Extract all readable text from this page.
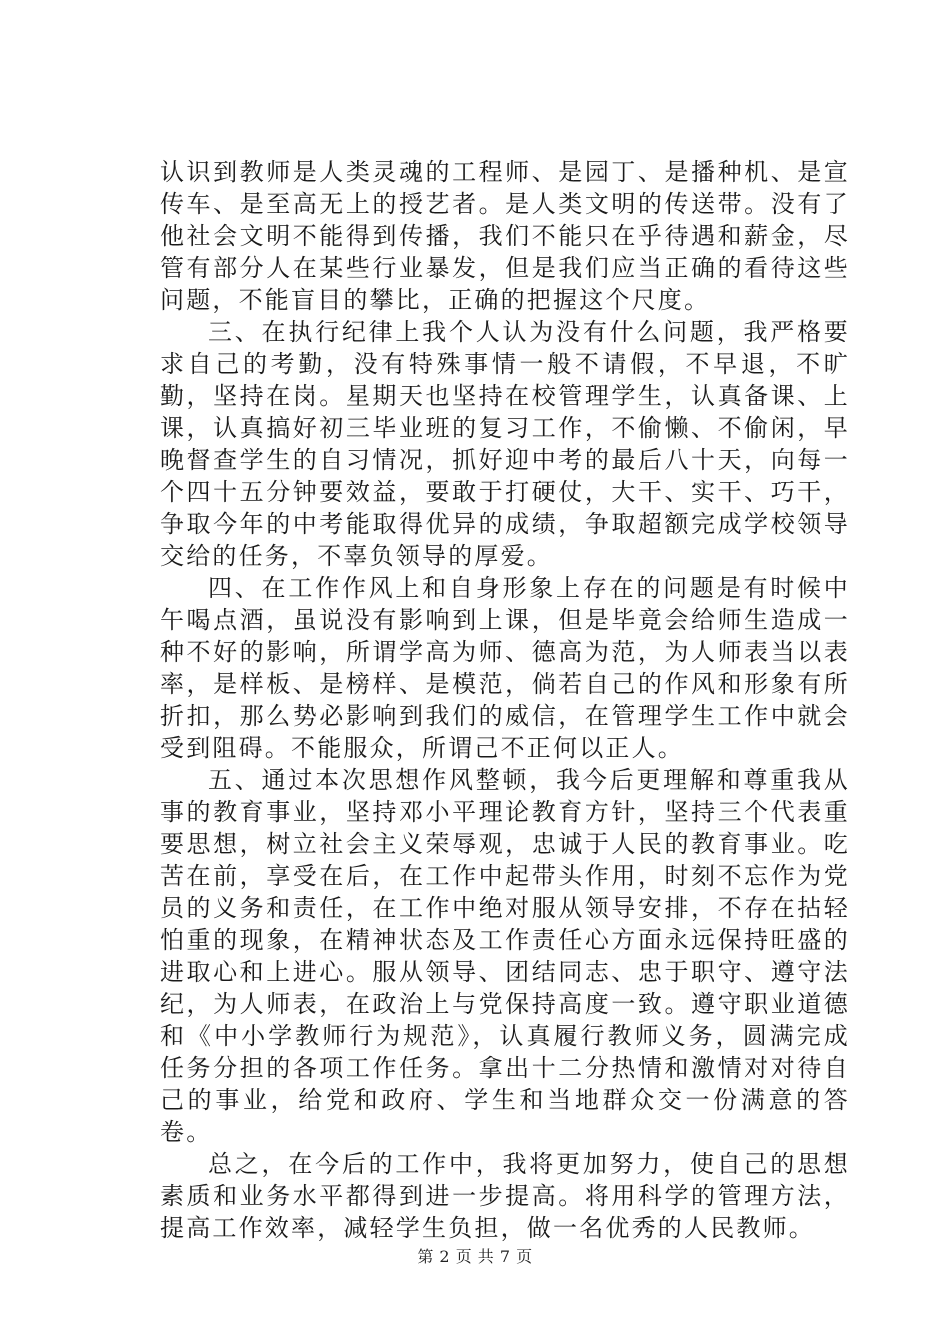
认识到教师是人类灵魂的工程师、是园丁、是播种机、是宣传车、是至高无上的授艺者。是人类文明的传送带。没有了他社会文明不能得到传播，我们不能只在乎待遇和薪金，尽管有部分人在某些行业暴发，但是我们应当正确的看待这些问题，不能盲目的攀比，正确的把握这个尺度。

三、在执行纪律上我个人认为没有什么问题，我严格要求自己的考勤，没有特殊事情一般不请假，不早退，不旷勤，坚持在岗。星期天也坚持在校管理学生，认真备课、上课，认真搞好初三毕业班的复习工作，不偷懒、不偷闲，早晚督查学生的自习情况，抓好迎中考的最后八十天，向每一个四十五分钟要效益，要敢于打硬仗，大干、实干、巧干，争取今年的中考能取得优异的成绩，争取超额完成学校领导交给的任务，不辜负领导的厚爱。

四、在工作作风上和自身形象上存在的问题是有时候中午喝点酒，虽说没有影响到上课，但是毕竟会给师生造成一种不好的影响，所谓学高为师、德高为范，为人师表当以表率，是样板、是榜样、是模范，倘若自己的作风和形象有所折扣，那么势必影响到我们的威信，在管理学生工作中就会受到阻碍。不能服众，所谓己不正何以正人。

五、通过本次思想作风整顿，我今后更理解和尊重我从事的教育事业，坚持邓小平理论教育方针，坚持三个代表重要思想，树立社会主义荣辱观，忠诚于人民的教育事业。吃苦在前，享受在后，在工作中起带头作用，时刻不忘作为党员的义务和责任，在工作中绝对服从领导安排，不存在拈轻怕重的现象，在精神状态及工作责任心方面永远保持旺盛的进取心和上进心。服从领导、团结同志、忠于职守、遵守法纪，为人师表，在政治上与党保持高度一致。遵守职业道德和《中小学教师行为规范》，认真履行教师义务，圆满完成任务分担的各项工作任务。拿出十二分热情和激情对对待自己的事业，给党和政府、学生和当地群众交一份满意的答卷。

总之，在今后的工作中，我将更加努力，使自己的思想素质和业务水平都得到进一步提高。将用科学的管理方法，提高工作效率，减轻学生负担，做一名优秀的人民教师。

第 2 页 共 7 页
